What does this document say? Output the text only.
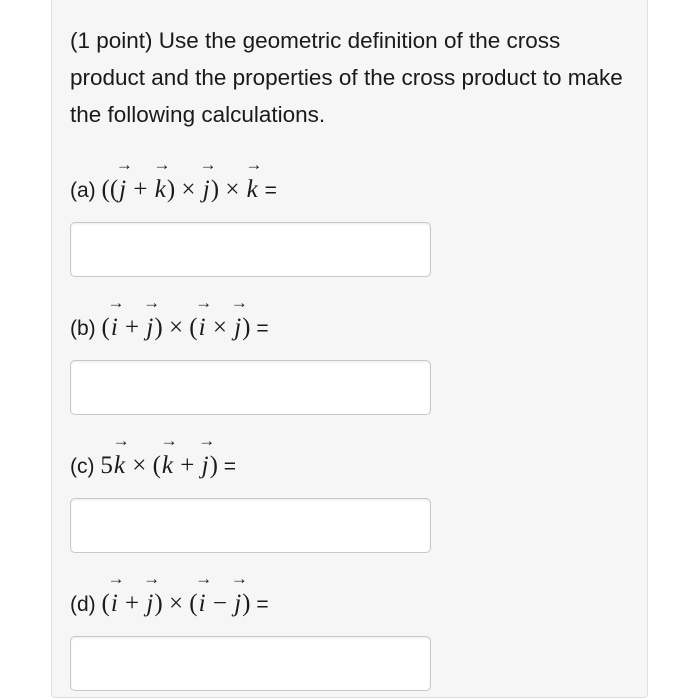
(1 point) Use the geometric definition of the cross product and the properties of the cross product to make the following calculations.
(a) ((→ j + → k) × → j) × → k =
(b) (→ i + → j) × (→ i × → j) =
(c) 5→ k × (→ k + → j) =
(d) (→ i + → j) × (→ i − → j) =
